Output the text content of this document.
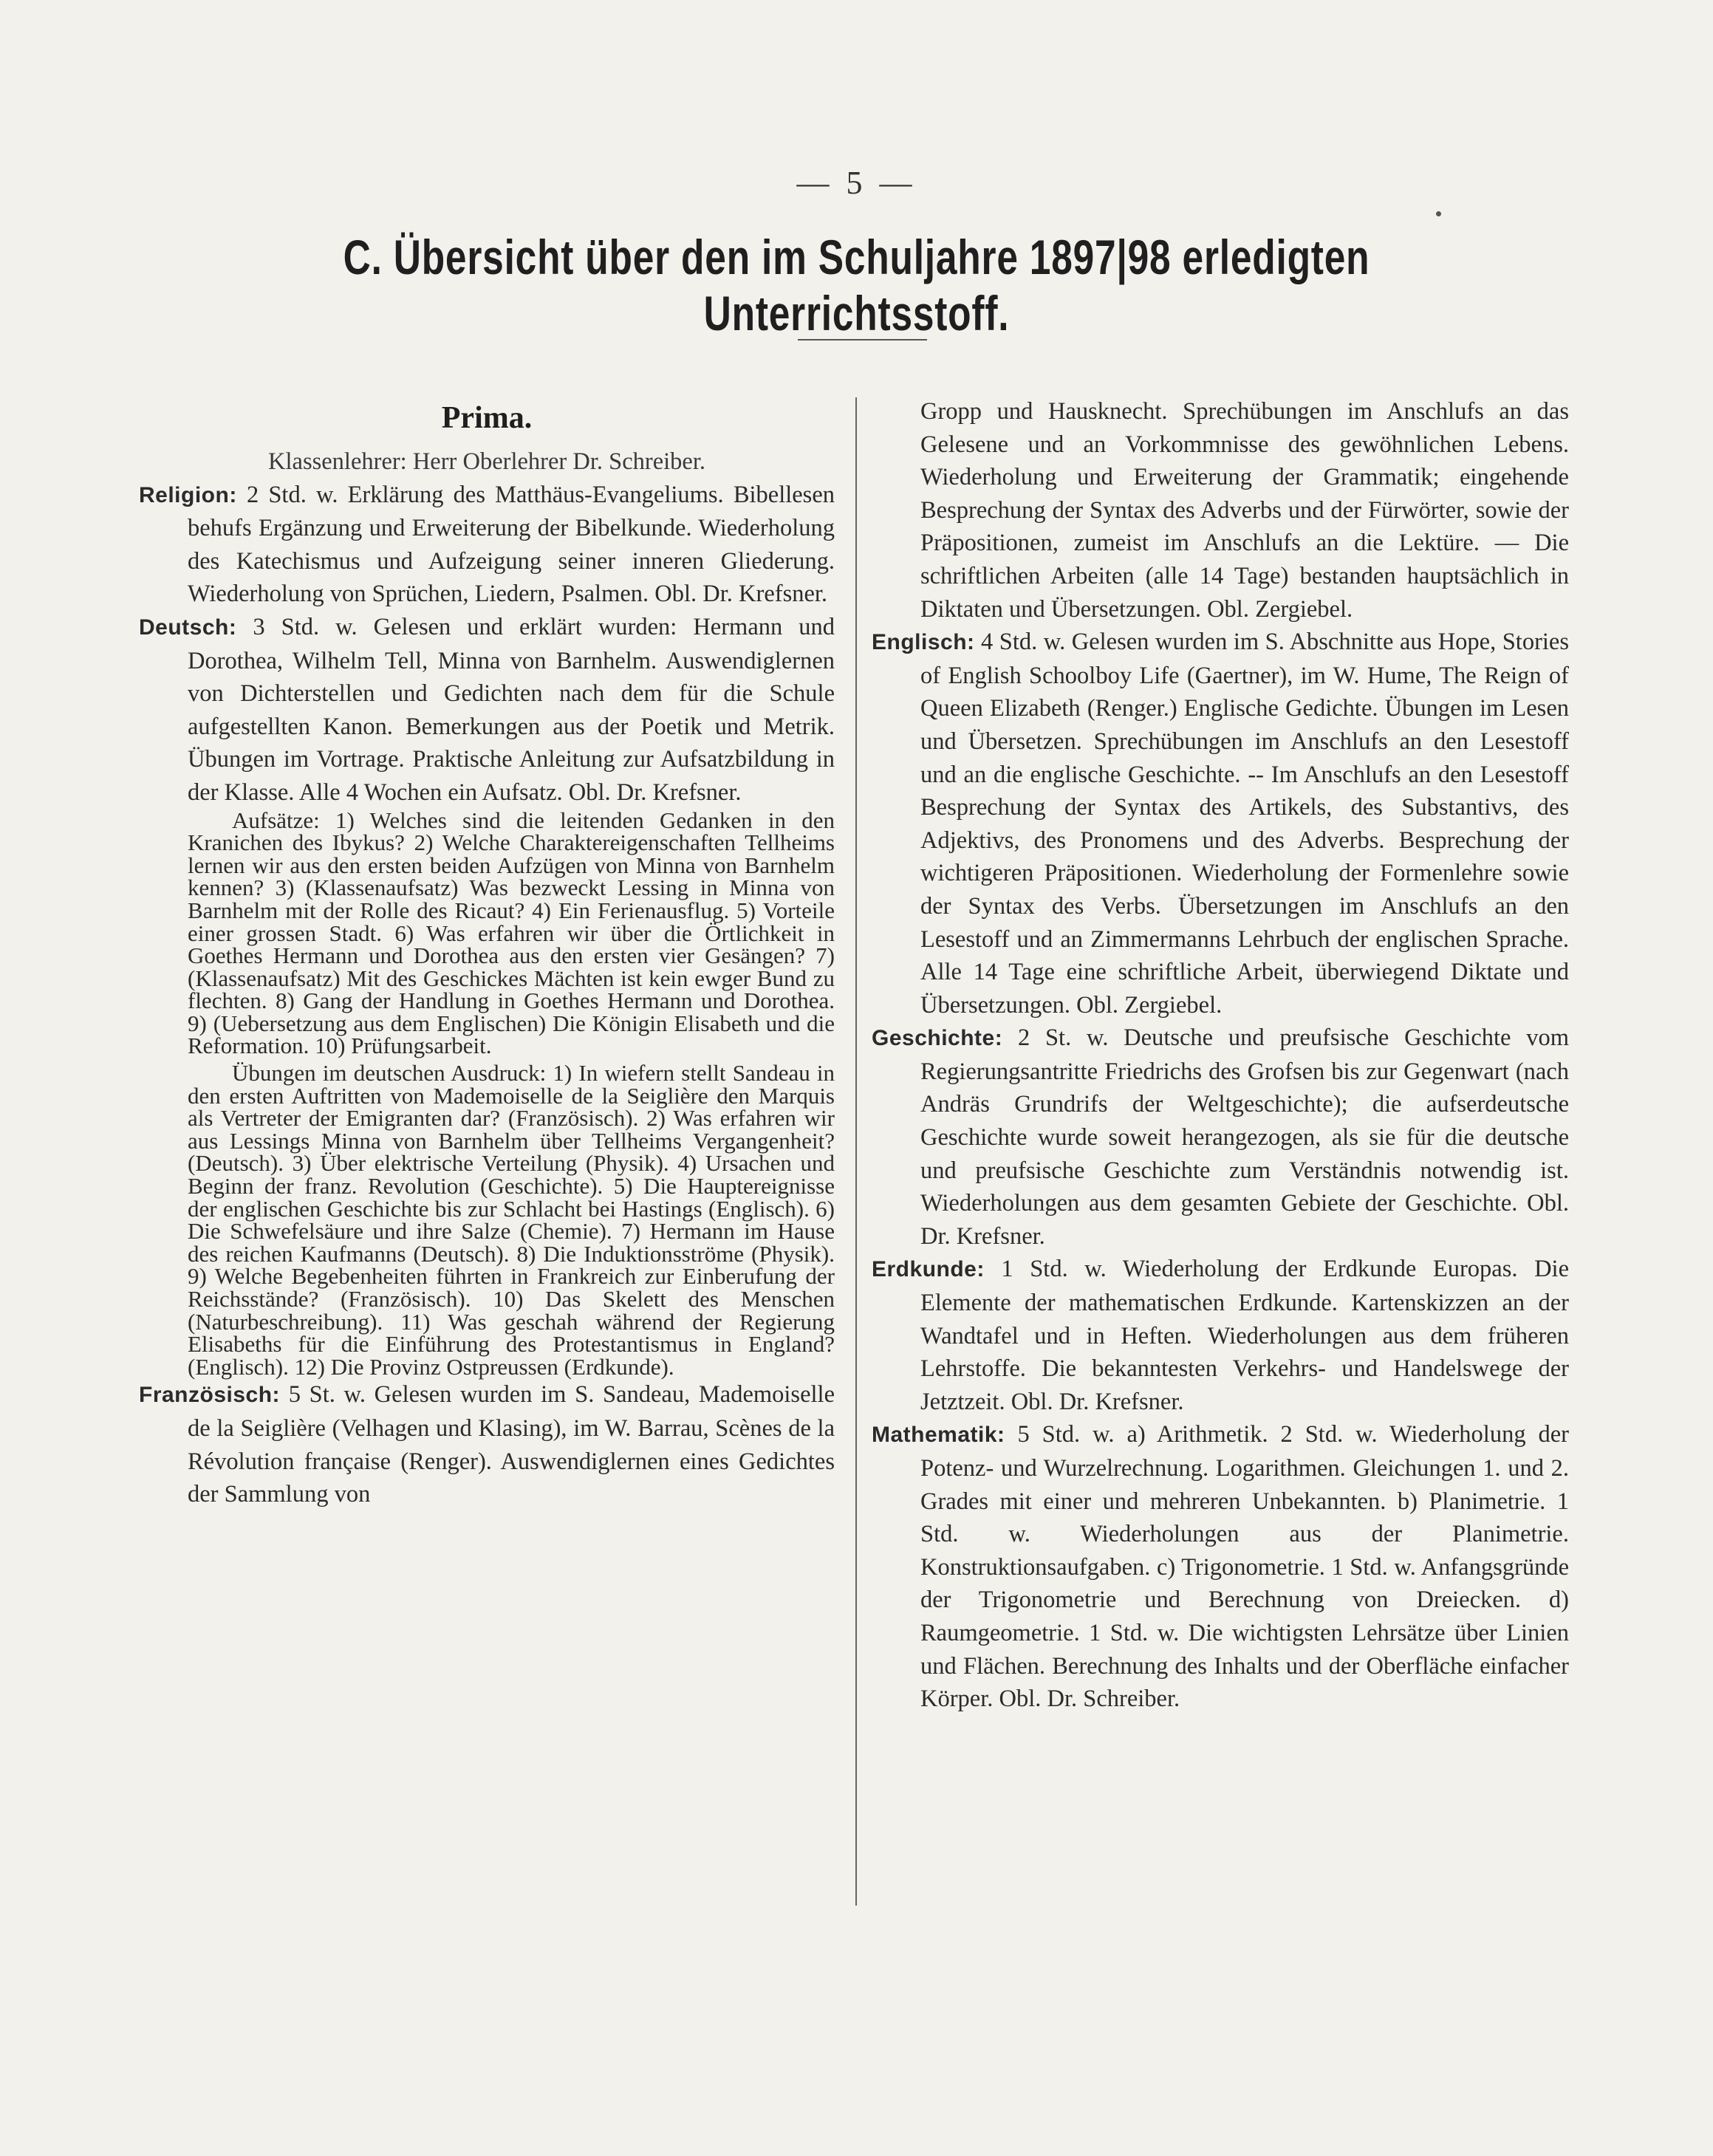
— 5 —
C. Übersicht über den im Schuljahre 1897|98 erledigten Unterrichtsstoff.
Prima.

Klassenlehrer: Herr Oberlehrer Dr. Schreiber.

Religion: 2 Std. w. Erklärung des Matthäus-Evangeliums. Bibellesen behufs Ergänzung und Erweiterung der Bibelkunde. Wiederholung des Katechismus und Aufzeigung seiner inneren Gliederung. Wiederholung von Sprüchen, Liedern, Psalmen. Obl. Dr. Krefsner.

Deutsch: 3 Std. w. Gelesen und erklärt wurden: Hermann und Dorothea, Wilhelm Tell, Minna von Barnhelm. Auswendiglernen von Dichterstellen und Gedichten nach dem für die Schule aufgestellten Kanon. Bemerkungen aus der Poetik und Metrik. Übungen im Vortrage. Praktische Anleitung zur Aufsatzbildung in der Klasse. Alle 4 Wochen ein Aufsatz. Obl. Dr. Krefsner.

Aufsätze: 1) Welches sind die leitenden Gedanken in den Kranichen des Ibykus? 2) Welche Charaktereigenschaften Tellheims lernen wir aus den ersten beiden Aufzügen von Minna von Barnhelm kennen? 3) (Klassenaufsatz) Was bezweckt Lessing in Minna von Barnhelm mit der Rolle des Ricaut? 4) Ein Ferienausflug. 5) Vorteile einer grossen Stadt. 6) Was erfahren wir über die Örtlichkeit in Goethes Hermann und Dorothea aus den ersten vier Gesängen? 7) (Klassenaufsatz) Mit des Geschickes Mächten ist kein ewger Bund zu flechten. 8) Gang der Handlung in Goethes Hermann und Dorothea. 9) (Uebersetzung aus dem Englischen) Die Königin Elisabeth und die Reformation. 10) Prüfungsarbeit.

Übungen im deutschen Ausdruck: 1) In wiefern stellt Sandeau in den ersten Auftritten von Mademoiselle de la Seiglière den Marquis als Vertreter der Emigranten dar? (Französisch). 2) Was erfahren wir aus Lessings Minna von Barnhelm über Tellheims Vergangenheit? (Deutsch). 3) Über elektrische Verteilung (Physik). 4) Ursachen und Beginn der franz. Revolution (Geschichte). 5) Die Hauptereignisse der englischen Geschichte bis zur Schlacht bei Hastings (Englisch). 6) Die Schwefelsäure und ihre Salze (Chemie). 7) Hermann im Hause des reichen Kaufmanns (Deutsch). 8) Die Induktionsströme (Physik). 9) Welche Begebenheiten führten in Frankreich zur Einberufung der Reichsstände? (Französisch). 10) Das Skelett des Menschen (Naturbeschreibung). 11) Was geschah während der Regierung Elisabeths für die Einführung des Protestantismus in England? (Englisch). 12) Die Provinz Ostpreussen (Erdkunde).

Französisch: 5 St. w. Gelesen wurden im S. Sandeau, Mademoiselle de la Seiglière (Velhagen und Klasing), im W. Barrau, Scènes de la Révolution française (Renger). Auswendiglernen eines Gedichtes der Sammlung von

Gropp und Hausknecht. Sprechübungen im Anschlufs an das Gelesene und an Vorkommnisse des gewöhnlichen Lebens. Wiederholung und Erweiterung der Grammatik; eingehende Besprechung der Syntax des Adverbs und der Fürwörter, sowie der Präpositionen, zumeist im Anschlufs an die Lektüre. — Die schriftlichen Arbeiten (alle 14 Tage) bestanden hauptsächlich in Diktaten und Übersetzungen. Obl. Zergiebel.

Englisch: 4 Std. w. Gelesen wurden im S. Abschnitte aus Hope, Stories of English Schoolboy Life (Gaertner), im W. Hume, The Reign of Queen Elizabeth (Renger.) Englische Gedichte. Übungen im Lesen und Übersetzen. Sprechübungen im Anschlufs an den Lesestoff und an die englische Geschichte. -- Im Anschlufs an den Lesestoff Besprechung der Syntax des Artikels, des Substantivs, des Adjektivs, des Pronomens und des Adverbs. Besprechung der wichtigeren Präpositionen. Wiederholung der Formenlehre sowie der Syntax des Verbs. Übersetzungen im Anschlufs an den Lesestoff und an Zimmermanns Lehrbuch der englischen Sprache. Alle 14 Tage eine schriftliche Arbeit, überwiegend Diktate und Übersetzungen. Obl. Zergiebel.

Geschichte: 2 St. w. Deutsche und preufsische Geschichte vom Regierungsantritte Friedrichs des Grofsen bis zur Gegenwart (nach Andräs Grundrifs der Weltgeschichte); die aufserdeutsche Geschichte wurde soweit herangezogen, als sie für die deutsche und preufsische Geschichte zum Verständnis notwendig ist. Wiederholungen aus dem gesamten Gebiete der Geschichte. Obl. Dr. Krefsner.

Erdkunde: 1 Std. w. Wiederholung der Erdkunde Europas. Die Elemente der mathematischen Erdkunde. Kartenskizzen an der Wandtafel und in Heften. Wiederholungen aus dem früheren Lehrstoffe. Die bekanntesten Verkehrs- und Handelswege der Jetztzeit. Obl. Dr. Krefsner.

Mathematik: 5 Std. w. a) Arithmetik. 2 Std. w. Wiederholung der Potenz- und Wurzelrechnung. Logarithmen. Gleichungen 1. und 2. Grades mit einer und mehreren Unbekannten. b) Planimetrie. 1 Std. w. Wiederholungen aus der Planimetrie. Konstruktionsaufgaben. c) Trigonometrie. 1 Std. w. Anfangsgründe der Trigonometrie und Berechnung von Dreiecken. d) Raumgeometrie. 1 Std. w. Die wichtigsten Lehrsätze über Linien und Flächen. Berechnung des Inhalts und der Oberfläche einfacher Körper. Obl. Dr. Schreiber.
